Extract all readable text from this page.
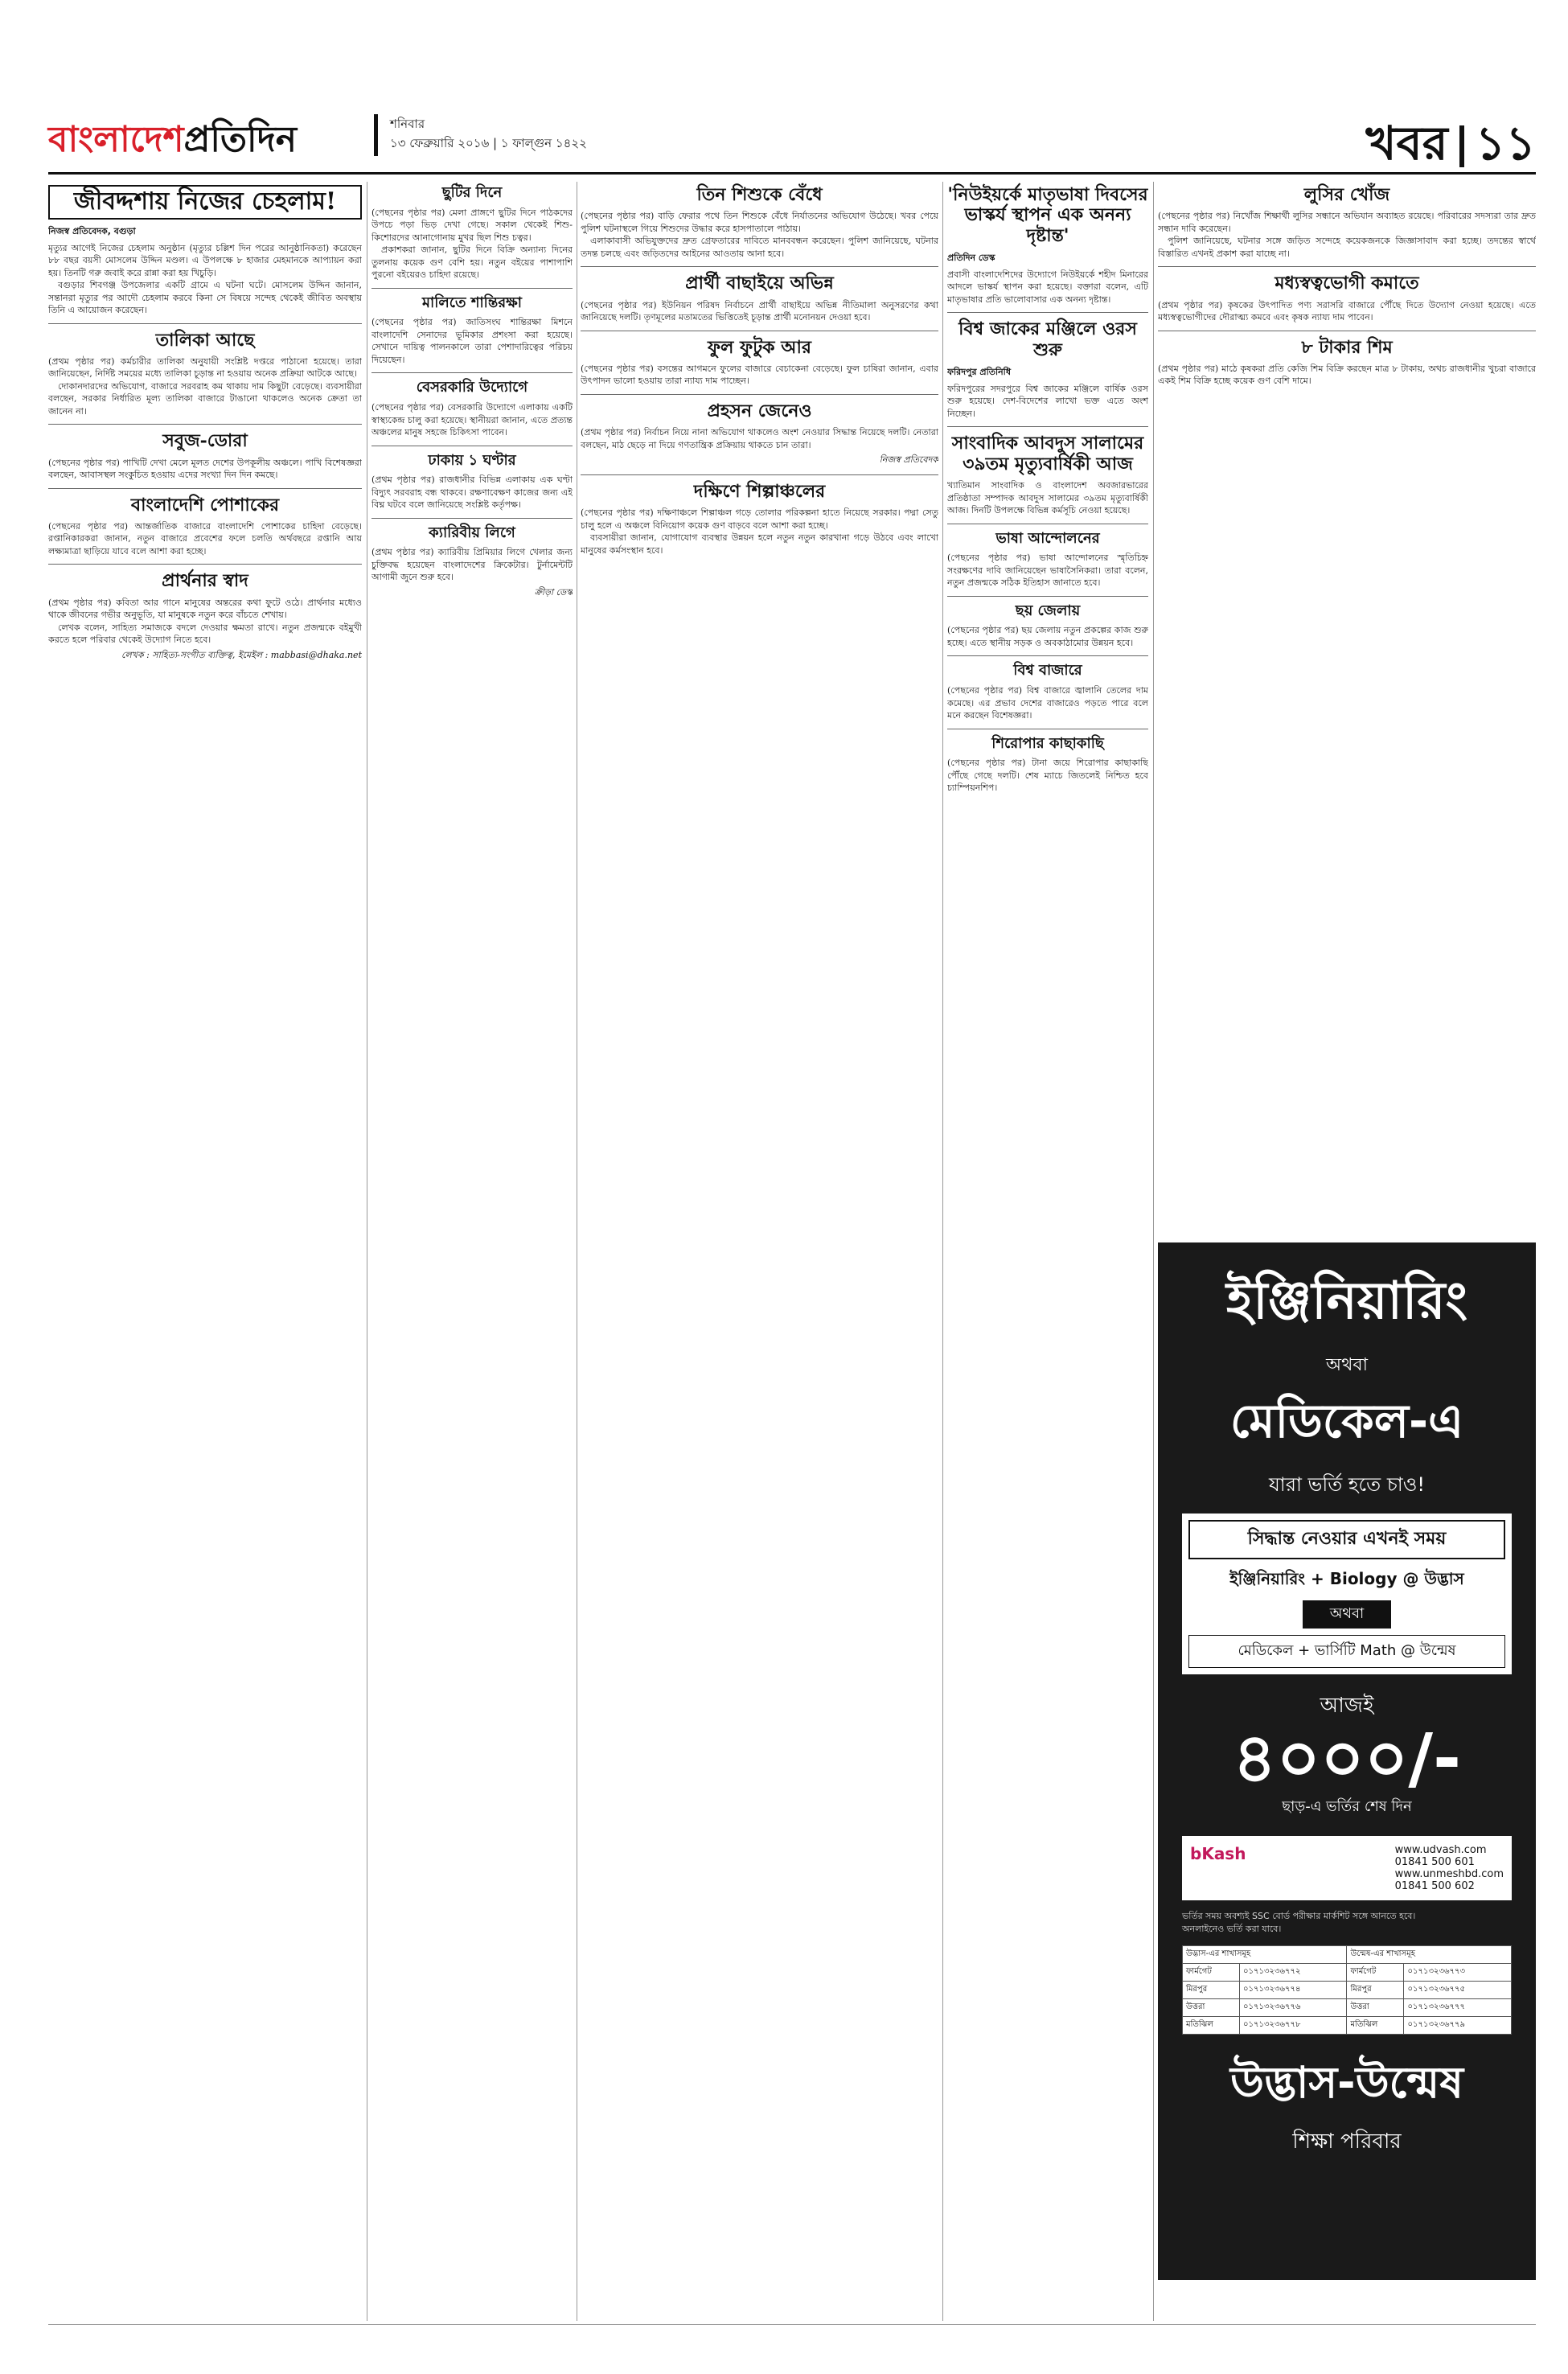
বাংলাদেশপ্রতিদিন	শনিবার
১৩ ফেব্রুয়ারি ২০১৬ | ১ ফাল্গুন ১৪২২	খবর ১১
জীবদ্দশায় নিজের চেহলাম!
নিজস্ব প্রতিবেদক, বগুড়া

মৃত্যুর আগেই নিজের চেহলাম অনুষ্ঠান (মৃত্যুর চল্লিশ দিন পরের আনুষ্ঠানিকতা) করেছেন ৮৮ বছর বয়সী মোসলেম উদ্দিন মণ্ডল। এ উপলক্ষে ৮ হাজার মেহমানকে আপ্যায়ন করা হয়। তিনটি গরু জবাই করে রান্না করা হয় খিচুড়ি।

বগুড়ার শিবগঞ্জ উপজেলার একটি গ্রামে এ ঘটনা ঘটে। মোসলেম উদ্দিন জানান, সন্তানরা মৃত্যুর পর আদৌ চেহলাম করবে কিনা সে বিষয়ে সন্দেহ থেকেই জীবিত অবস্থায় তিনি এ আয়োজন করেছেন।

তালিকা আছে

(প্রথম পৃষ্ঠার পর) কর্মচারীর তালিকা অনুযায়ী সংশ্লিষ্ট দপ্তরে পাঠানো হয়েছে। তারা জানিয়েছেন, নির্দিষ্ট সময়ের মধ্যে তালিকা চূড়ান্ত না হওয়ায় অনেক প্রক্রিয়া আটকে আছে।

দোকানদারদের অভিযোগ, বাজারে সরবরাহ কম থাকায় দাম কিছুটা বেড়েছে। ব্যবসায়ীরা বলছেন, সরকার নির্ধারিত মূল্য তালিকা বাজারে টাঙানো থাকলেও অনেক ক্রেতা তা জানেন না।

সবুজ-ডোরা

(পেছনের পৃষ্ঠার পর) পাখিটি দেখা মেলে মূলত দেশের উপকূলীয় অঞ্চলে। পাখি বিশেষজ্ঞরা বলছেন, আবাসস্থল সংকুচিত হওয়ায় এদের সংখ্যা দিন দিন কমছে।

বাংলাদেশি পোশাকের

(পেছনের পৃষ্ঠার পর) আন্তর্জাতিক বাজারে বাংলাদেশি পোশাকের চাহিদা বেড়েছে। রপ্তানিকারকরা জানান, নতুন বাজারে প্রবেশের ফলে চলতি অর্থবছরে রপ্তানি আয় লক্ষ্যমাত্রা ছাড়িয়ে যাবে বলে আশা করা হচ্ছে।

প্রার্থনার স্বাদ

(প্রথম পৃষ্ঠার পর) কবিতা আর গানে মানুষের অন্তরের কথা ফুটে ওঠে। প্রার্থনার মধ্যেও থাকে জীবনের গভীর অনুভূতি, যা মানুষকে নতুন করে বাঁচতে শেখায়।

লেখক বলেন, সাহিত্য সমাজকে বদলে দেওয়ার ক্ষমতা রাখে। নতুন প্রজন্মকে বইমুখী করতে হলে পরিবার থেকেই উদ্যোগ নিতে হবে।

লেখক : সাহিত্য-সংগীত ব্যক্তিত্ব, ইমেইল : mabbasi@dhaka.net

ছুটির দিনে

(পেছনের পৃষ্ঠার পর) মেলা প্রাঙ্গণে ছুটির দিনে পাঠকদের উপচে পড়া ভিড় দেখা গেছে। সকাল থেকেই শিশু-কিশোরদের আনাগোনায় মুখর ছিল শিশু চত্বর।

প্রকাশকরা জানান, ছুটির দিনে বিক্রি অন্যান্য দিনের তুলনায় কয়েক গুণ বেশি হয়। নতুন বইয়ের পাশাপাশি পুরনো বইয়েরও চাহিদা রয়েছে।

মালিতে শান্তিরক্ষা

(পেছনের পৃষ্ঠার পর) জাতিসংঘ শান্তিরক্ষা মিশনে বাংলাদেশি সেনাদের ভূমিকার প্রশংসা করা হয়েছে। সেখানে দায়িত্ব পালনকালে তারা পেশাদারিত্বের পরিচয় দিয়েছেন।

বেসরকারি উদ্যোগে

(পেছনের পৃষ্ঠার পর) বেসরকারি উদ্যোগে এলাকায় একটি স্বাস্থ্যকেন্দ্র চালু করা হয়েছে। স্থানীয়রা জানান, এতে প্রত্যন্ত অঞ্চলের মানুষ সহজে চিকিৎসা পাবেন।

ঢাকায় ১ ঘণ্টার

(প্রথম পৃষ্ঠার পর) রাজধানীর বিভিন্ন এলাকায় এক ঘণ্টা বিদ্যুৎ সরবরাহ বন্ধ থাকবে। রক্ষণাবেক্ষণ কাজের জন্য এই বিঘ্ন ঘটবে বলে জানিয়েছে সংশ্লিষ্ট কর্তৃপক্ষ।

ক্যারিবীয় লিগে

(প্রথম পৃষ্ঠার পর) ক্যারিবীয় প্রিমিয়ার লিগে খেলার জন্য চুক্তিবদ্ধ হয়েছেন বাংলাদেশের ক্রিকেটার। টুর্নামেন্টটি আগামী জুনে শুরু হবে।

ক্রীড়া ডেস্ক

তিন শিশুকে বেঁধে

(পেছনের পৃষ্ঠার পর) বাড়ি ফেরার পথে তিন শিশুকে বেঁধে নির্যাতনের অভিযোগ উঠেছে। খবর পেয়ে পুলিশ ঘটনাস্থলে গিয়ে শিশুদের উদ্ধার করে হাসপাতালে পাঠায়।

এলাকাবাসী অভিযুক্তদের দ্রুত গ্রেফতারের দাবিতে মানববন্ধন করেছেন। পুলিশ জানিয়েছে, ঘটনার তদন্ত চলছে এবং জড়িতদের আইনের আওতায় আনা হবে।

প্রার্থী বাছাইয়ে অভিন্ন

(পেছনের পৃষ্ঠার পর) ইউনিয়ন পরিষদ নির্বাচনে প্রার্থী বাছাইয়ে অভিন্ন নীতিমালা অনুসরণের কথা জানিয়েছে দলটি। তৃণমূলের মতামতের ভিত্তিতেই চূড়ান্ত প্রার্থী মনোনয়ন দেওয়া হবে।

ফুল ফুটুক আর

(পেছনের পৃষ্ঠার পর) বসন্তের আগমনে ফুলের বাজারে বেচাকেনা বেড়েছে। ফুল চাষিরা জানান, এবার উৎপাদন ভালো হওয়ায় তারা ন্যায্য দাম পাচ্ছেন।

প্রহসন জেনেও

(প্রথম পৃষ্ঠার পর) নির্বাচন নিয়ে নানা অভিযোগ থাকলেও অংশ নেওয়ার সিদ্ধান্ত নিয়েছে দলটি। নেতারা বলছেন, মাঠ ছেড়ে না দিয়ে গণতান্ত্রিক প্রক্রিয়ায় থাকতে চান তারা।

নিজস্ব প্রতিবেদক

দক্ষিণে শিল্পাঞ্চলের

(পেছনের পৃষ্ঠার পর) দক্ষিণাঞ্চলে শিল্পাঞ্চল গড়ে তোলার পরিকল্পনা হাতে নিয়েছে সরকার। পদ্মা সেতু চালু হলে এ অঞ্চলে বিনিয়োগ কয়েক গুণ বাড়বে বলে আশা করা হচ্ছে।

ব্যবসায়ীরা জানান, যোগাযোগ ব্যবস্থার উন্নয়ন হলে নতুন নতুন কারখানা গড়ে উঠবে এবং লাখো মানুষের কর্মসংস্থান হবে।

'নিউইয়র্কে মাতৃভাষা দিবসের ভাস্কর্য স্থাপন এক অনন্য দৃষ্টান্ত'
প্রতিদিন ডেস্ক

প্রবাসী বাংলাদেশিদের উদ্যোগে নিউইয়র্কে শহীদ মিনারের আদলে ভাস্কর্য স্থাপন করা হয়েছে। বক্তারা বলেন, এটি মাতৃভাষার প্রতি ভালোবাসার এক অনন্য দৃষ্টান্ত।

বিশ্ব জাকের মঞ্জিলে ওরস শুরু
ফরিদপুর প্রতিনিধি

ফরিদপুরের সদরপুরে বিশ্ব জাকের মঞ্জিলে বার্ষিক ওরস শুরু হয়েছে। দেশ-বিদেশের লাখো ভক্ত এতে অংশ নিচ্ছেন।

সাংবাদিক আবদুস সালামের ৩৯তম মৃত্যুবার্ষিকী আজ

খ্যাতিমান সাংবাদিক ও বাংলাদেশ অবজারভারের প্রতিষ্ঠাতা সম্পাদক আবদুস সালামের ৩৯তম মৃত্যুবার্ষিকী আজ। দিনটি উপলক্ষে বিভিন্ন কর্মসূচি নেওয়া হয়েছে।

ভাষা আন্দোলনের

(পেছনের পৃষ্ঠার পর) ভাষা আন্দোলনের স্মৃতিচিহ্ন সংরক্ষণের দাবি জানিয়েছেন ভাষাসৈনিকরা। তারা বলেন, নতুন প্রজন্মকে সঠিক ইতিহাস জানাতে হবে।

ছয় জেলায়

(পেছনের পৃষ্ঠার পর) ছয় জেলায় নতুন প্রকল্পের কাজ শুরু হচ্ছে। এতে স্থানীয় সড়ক ও অবকাঠামোর উন্নয়ন হবে।

বিশ্ব বাজারে

(পেছনের পৃষ্ঠার পর) বিশ্ব বাজারে জ্বালানি তেলের দাম কমেছে। এর প্রভাব দেশের বাজারেও পড়তে পারে বলে মনে করছেন বিশেষজ্ঞরা।

শিরোপার কাছাকাছি

(পেছনের পৃষ্ঠার পর) টানা জয়ে শিরোপার কাছাকাছি পৌঁছে গেছে দলটি। শেষ ম্যাচে জিতলেই নিশ্চিত হবে চ্যাম্পিয়নশিপ।

লুসির খোঁজ

(পেছনের পৃষ্ঠার পর) নিখোঁজ শিক্ষার্থী লুসির সন্ধানে অভিযান অব্যাহত রয়েছে। পরিবারের সদস্যরা তার দ্রুত সন্ধান দাবি করেছেন।

পুলিশ জানিয়েছে, ঘটনার সঙ্গে জড়িত সন্দেহে কয়েকজনকে জিজ্ঞাসাবাদ করা হচ্ছে। তদন্তের স্বার্থে বিস্তারিত এখনই প্রকাশ করা যাচ্ছে না।

মধ্যস্বত্বভোগী কমাতে

(প্রথম পৃষ্ঠার পর) কৃষকের উৎপাদিত পণ্য সরাসরি বাজারে পৌঁছে দিতে উদ্যোগ নেওয়া হয়েছে। এতে মধ্যস্বত্বভোগীদের দৌরাত্ম্য কমবে এবং কৃষক ন্যায্য দাম পাবেন।

৮ টাকার শিম

(প্রথম পৃষ্ঠার পর) মাঠে কৃষকরা প্রতি কেজি শিম বিক্রি করছেন মাত্র ৮ টাকায়, অথচ রাজধানীর খুচরা বাজারে একই শিম বিক্রি হচ্ছে কয়েক গুণ বেশি দামে।

ইঞ্জিনিয়ারিং
অথবা
মেডিকেল-এ
যারা ভর্তি হতে চাও!
সিদ্ধান্ত নেওয়ার এখনই সময়
ইঞ্জিনিয়ারিং + Biology @ উদ্ভাস
অথবা
মেডিকেল + ভার্সিটি Math @ উন্মেষ
আজই
৪০০০/-
ছাড়-এ ভর্তির শেষ দিন
bKash	www.udvash.com
01841 500 601
www.unmeshbd.com
01841 500 602
ভর্তির সময় অবশ্যই SSC বোর্ড পরীক্ষার মার্কশিট সঙ্গে আনতে হবে।
অনলাইনেও ভর্তি করা যাবে।
উদ্ভাস-এর শাখাসমূহ		উন্মেষ-এর শাখাসমূহ	
ফার্মগেট	০১৭১৩২৩৬৭৭২	ফার্মগেট	০১৭১৩২৩৬৭৭৩
মিরপুর	০১৭১৩২৩৬৭৭৪	মিরপুর	০১৭১৩২৩৬৭৭৫
উত্তরা	০১৭১৩২৩৬৭৭৬	উত্তরা	০১৭১৩২৩৬৭৭৭
মতিঝিল	০১৭১৩২৩৬৭৭৮	মতিঝিল	০১৭১৩২৩৬৭৭৯
উদ্ভাস-উন্মেষ
শিক্ষা পরিবার
